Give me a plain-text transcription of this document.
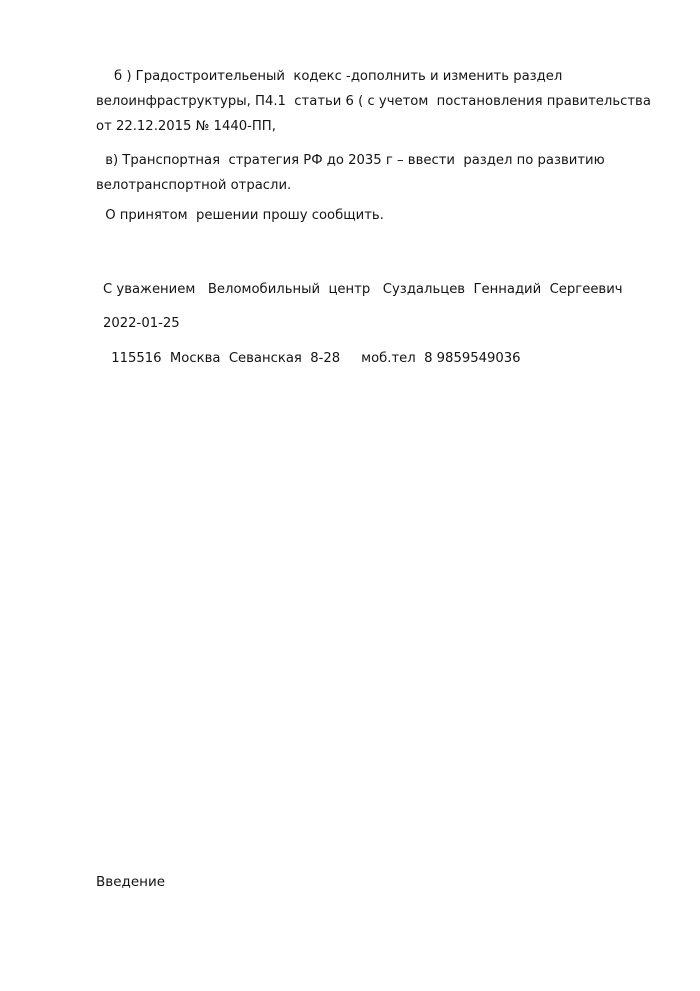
б ) Градостроительеный  кодекс -дополнить и изменить раздел велоинфраструктуры, П4.1  статьи 6 ( с учетом  постановления правительства от 22.12.2015 № 1440-ПП,
в) Транспортная  стратегия РФ до 2035 г – ввести  раздел по развитию велотранспортной отрасли.
О принятом  решении прошу сообщить.
С уважением   Веломобильный  центр   Суздальцев  Геннадий  Сергеевич
2022-01-25
115516  Москва  Севанская  8-28     моб.тел  8 9859549036
Введение
